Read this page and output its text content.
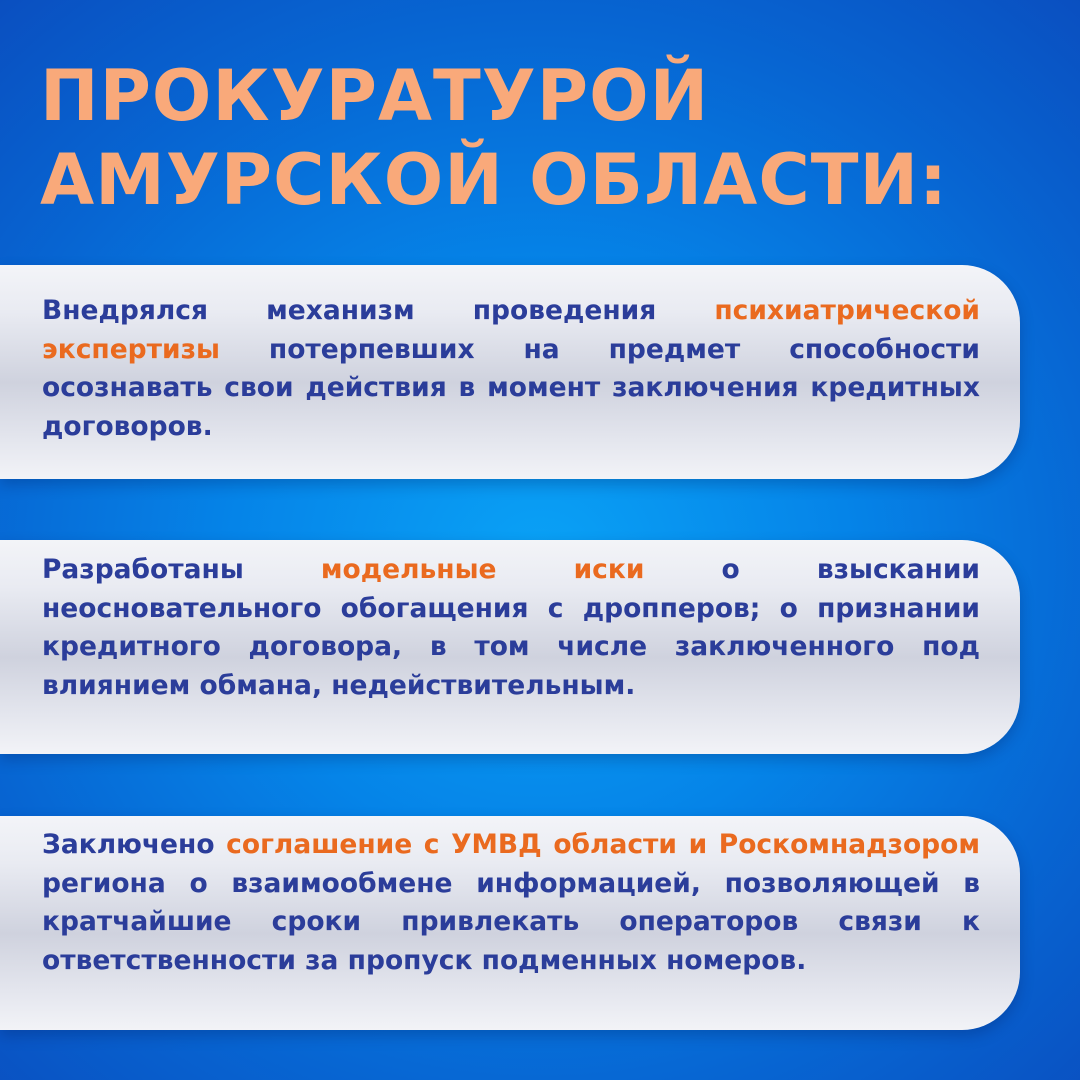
ПРОКУРАТУРОЙ
АМУРСКОЙ ОБЛАСТИ:

Внедрялся механизм проведения психиатрической экспертизы потерпевших на предмет способности осознавать свои действия в момент заключения кредитных договоров.

Разработаны модельные иски о взыскании неосновательного обогащения с дропперов; о признании кредитного договора, в том числе заключенного под влиянием обмана, недействительным.

Заключено соглашение с УМВД области и Роскомнадзором региона о взаимообмене информацией, позволяющей в кратчайшие сроки привлекать операторов связи к ответственности за пропуск подменных номеров.
